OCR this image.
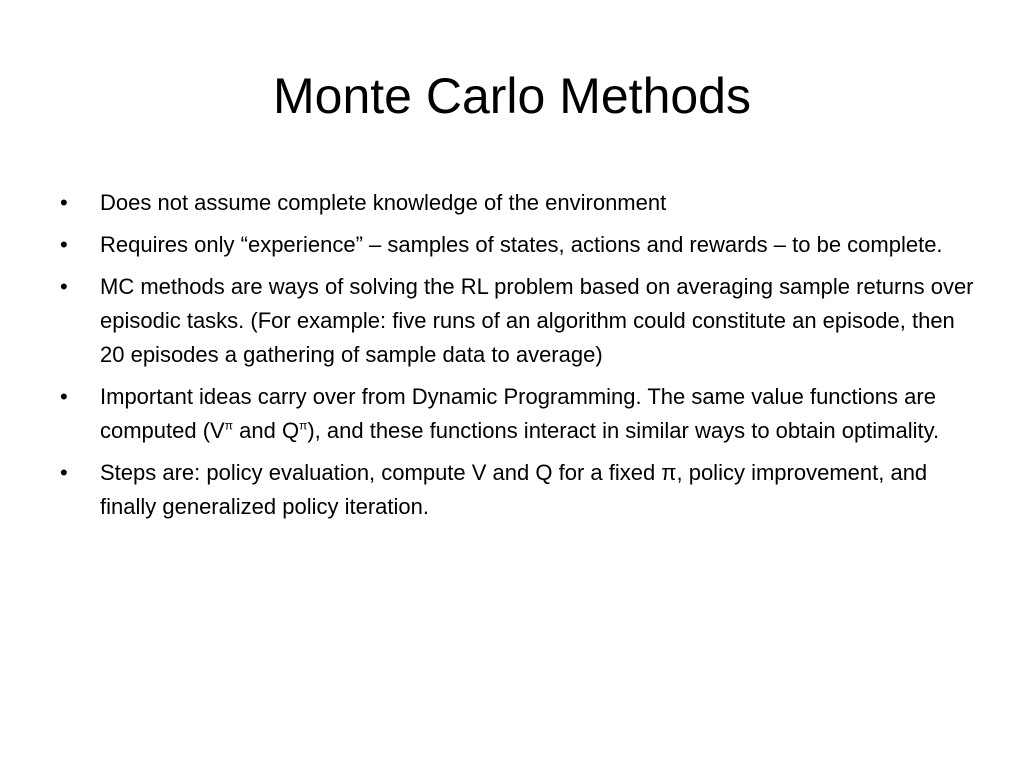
Monte Carlo Methods
•	Does not assume complete knowledge of the environment
•	Requires only “experience” – samples of states, actions and rewards – to be complete.
•	MC methods are ways of solving the RL problem based on averaging sample returns over episodic tasks. (For example: five runs of an algorithm could constitute an episode, then 20 episodes a gathering of sample data to average)
•	Important ideas carry over from Dynamic Programming. The same value functions are computed ($V^\pi$ and $Q^\pi$), and these functions interact in similar ways to obtain optimality.
•	Steps are: policy evaluation, compute V and Q for a fixed π, policy improvement, and finally generalized policy iteration.
